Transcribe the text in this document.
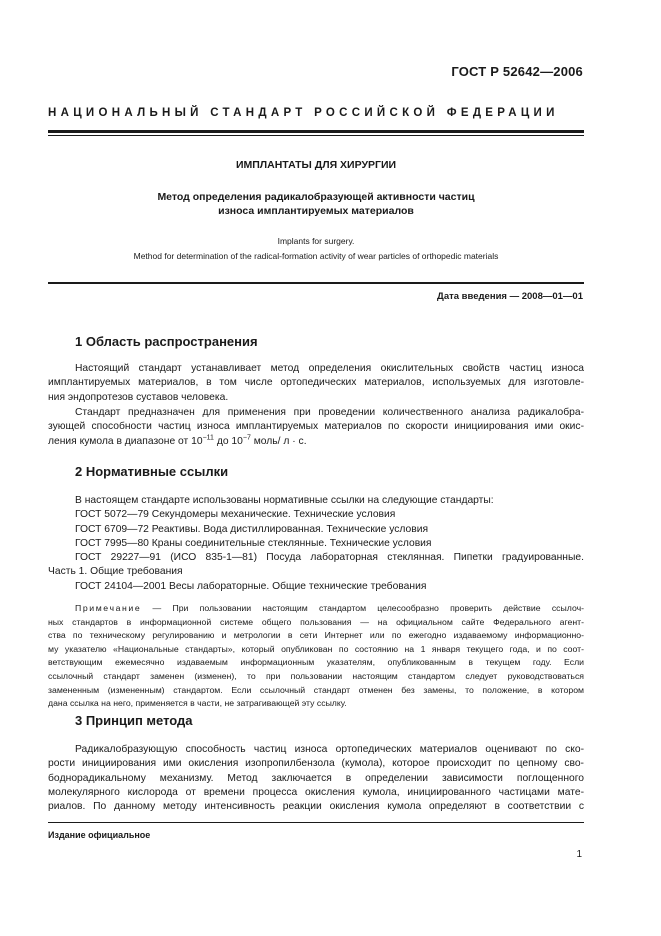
ГОСТ Р 52642—2006
НАЦИОНАЛЬНЫЙ СТАНДАРТ РОССИЙСКОЙ ФЕДЕРАЦИИ
ИМПЛАНТАТЫ ДЛЯ ХИРУРГИИ
Метод определения радикалобразующей активности частиц
износа имплантируемых материалов
Implants for surgery.
Method for determination of the radical-formation activity of wear particles of orthopedic materials
Дата введения — 2008—01—01
1 Область распространения
Настоящий стандарт устанавливает метод определения окислительных свойств частиц износа
имплантируемых материалов, в том числе ортопедических материалов, используемых для изготовле-
ния эндопротезов суставов человека.
Стандарт предназначен для применения при проведении количественного анализа радикалобра-
зующей способности частиц износа имплантируемых материалов по скорости инициирования ими окис-
ления кумола в диапазоне от $10^{-11}$ до $10^{-7}$ моль/ л · с.
2 Нормативные ссылки
В настоящем стандарте использованы нормативные ссылки на следующие стандарты:
ГОСТ 5072—79 Секундомеры механические. Технические условия
ГОСТ 6709—72 Реактивы. Вода дистиллированная. Технические условия
ГОСТ 7995—80 Краны соединительные стеклянные. Технические условия
ГОСТ 29227—91 (ИСО 835-1—81) Посуда лабораторная стеклянная. Пипетки градуированные.
Часть 1. Общие требования
ГОСТ 24104—2001 Весы лабораторные. Общие технические требования
Примечание — При пользовании настоящим стандартом целесообразно проверить действие ссылоч-
ных стандартов в информационной системе общего пользования — на официальном сайте Федерального агент-
ства по техническому регулированию и метрологии в сети Интернет или по ежегодно издаваемому информационно-
му указателю «Национальные стандарты», который опубликован по состоянию на 1 января текущего года, и по сoот-
ветствующим ежемесячно издаваемым информационным указателям, опубликованным в текущем году. Если
ссылочный стандарт заменен (изменен), то при пользовании настоящим стандартом следует руководствоваться
замененным (измененным) стандартом. Если ссылочный стандарт отменен без замены, то положение, в котором
дана ссылка на него, применяется в части, не затрагивающей эту ссылку.
3 Принцип метода
Радикалобразующую способность частиц износа ортопедических материалов оценивают по ско-
рости инициирования ими окисления изопропилбензола (кумола), которое происходит по цепному сво-
бoдноpадикальному механизму. Метод заключается в определении зависимости поглощенного
молекулярного кислорода от времени процесса окисления кумола, инициированного частицами мате-
риалов. По данному методу интенсивность реакции окисления кумола определяют в соответствии с
Издание официальное
1
